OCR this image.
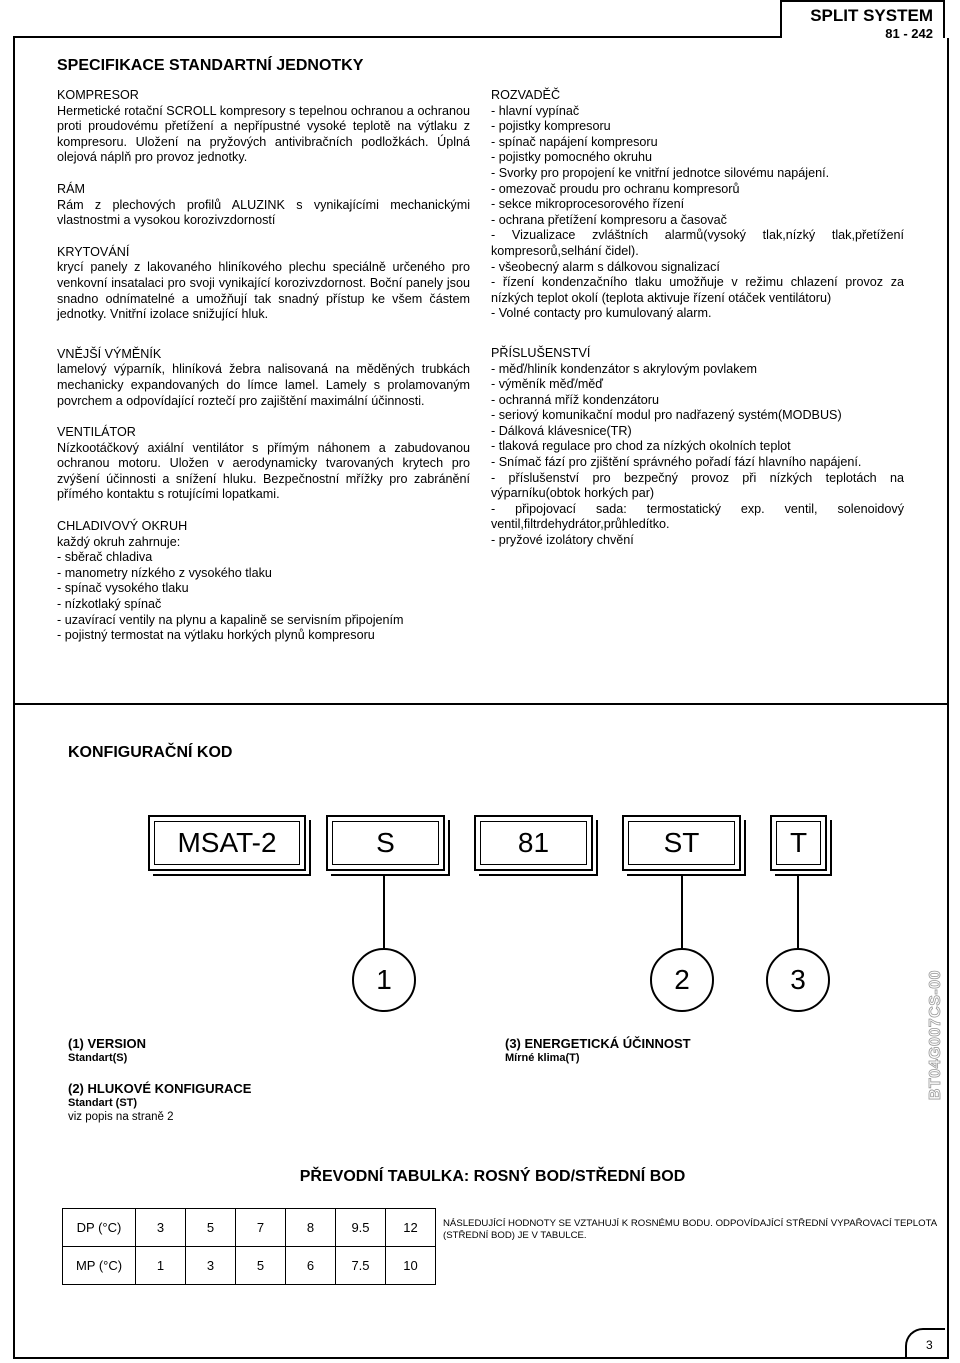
SPLIT SYSTEM
81 - 242
SPECIFIKACE STANDARTNÍ JEDNOTKY
KOMPRESOR
Hermetické rotační SCROLL kompresory s tepelnou ochranou a ochranou proti proudovému přetížení a nepřípustné vysoké teplotě na výtlaku z kompresoru. Uložení na pryžových antivibračních podložkách. Úplná olejová náplň pro provoz jednotky.
RÁM
Rám z plechových profilů ALUZINK s vynikajícími mechanickými vlastnostmi a vysokou korozivzdorností
KRYTOVÁNÍ
krycí panely z lakovaného hliníkového plechu speciálně určeného pro venkovní insatalaci pro svoji vynikající korozivzdornost. Boční panely jsou snadno odnímatelné a umožňují tak snadný přístup ke všem částem jednotky. Vnitřní izolace snižující hluk.
VNĚJŠÍ VÝMĚNÍK
lamelový výparník, hliníková žebra nalisovaná na měděných trubkách mechanicky expandovaných do límce lamel. Lamely s prolamovaným povrchem a odpovídající roztečí pro zajištění maximální účinnosti.
VENTILÁTOR
Nízkootáčkový axiální ventilátor s přímým náhonem a zabudovanou ochranou motoru. Uložen v aerodynamicky tvarovaných krytech pro zvýšení účinnosti a snížení hluku. Bezpečnostní mřížky pro zabránění přímého kontaktu s rotujícími lopatkami.
CHLADIVOVÝ OKRUH
každý okruh zahrnuje:
- sběrač chladiva
- manometry nízkého z vysokého tlaku
- spínač vysokého tlaku
- nízkotlaký spínač
- uzavírací ventily na plynu a kapalině se servisním připojením
- pojistný termostat na výtlaku horkých plynů kompresoru
ROZVADĚČ
- hlavní vypínač
- pojistky kompresoru
- spínač napájení kompresoru
- pojistky pomocného okruhu
- Svorky pro propojení ke vnitřní jednotce silovému napájení.
- omezovač proudu pro ochranu kompresorů
- sekce mikroprocesorového řízení
- ochrana přetížení kompresoru a časovač
- Vizualizace zvláštních alarmů(vysoký tlak,nízký tlak,přetížení kompresorů,selhání čidel).
- všeobecný alarm s dálkovou signalizací
- řízení kondenzačního tlaku umožňuje v režimu chlazení provoz za nízkých teplot okolí (teplota aktivuje řízení otáček ventilátoru)
- Volné contacty pro kumulovaný alarm.
PŘÍSLUŠENSTVÍ
- měď/hliník kondenzátor s akrylovým povlakem
- výměník měď/měď
- ochranná mříž kondenzátoru
- seriový komunikační modul pro nadřazený systém(MODBUS)
- Dálková klávesnice(TR)
- tlaková regulace pro chod za nízkých okolních teplot
- Snímač fází pro zjištění správného pořadí fází hlavního napájení.
- příslušenství pro bezpečný provoz při nízkých teplotách na výparníku(obtok horkých par)
- připojovací sada: termostatický exp. ventil, solenoidový ventil,filtrdehydrátor,průhledítko.
- pryžové izolátory chvění
KONFIGURAČNÍ KOD
MSAT-2	S	81	ST	T
1	2	3
(1) VERSION
Standart(S)
(2) HLUKOVÉ KONFIGURACE
Standart (ST)
viz popis na straně 2
(3) ENERGETICKÁ ÚČINNOST
Mírné klima(T)	BT04G007CS-00
PŘEVODNÍ TABULKA: ROSNÝ BOD/STŘEDNÍ BOD
DP (°C)	3	5	7	8	9.5	12
MP (°C)	1	3	5	6	7.5	10
NÁSLEDUJÍCÍ HODNOTY SE VZTAHUJÍ K ROSNÉMU BODU. ODPOVÍDAJÍCÍ STŘEDNÍ VYPAŘOVACÍ TEPLOTA (STŘEDNÍ BOD) JE V TABULCE.
3
